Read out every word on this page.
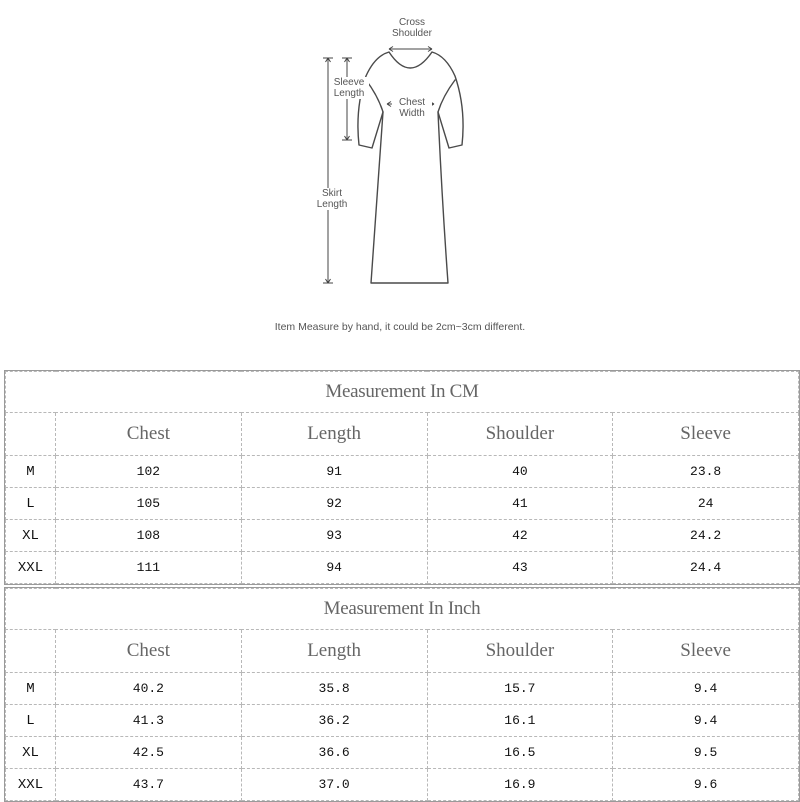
Cross
Shoulder
Sleeve
Length
Chest
Width
Skirt
Length
Item Measure by hand, it could be 2cm~3cm different.
Measurement In CM				
	Chest	Length	Shoulder	Sleeve
M	102	91	40	23.8
L	105	92	41	24
XL	108	93	42	24.2
XXL	111	94	43	24.4
Measurement In Inch				
	Chest	Length	Shoulder	Sleeve
M	40.2	35.8	15.7	9.4
L	41.3	36.2	16.1	9.4
XL	42.5	36.6	16.5	9.5
XXL	43.7	37.0	16.9	9.6
